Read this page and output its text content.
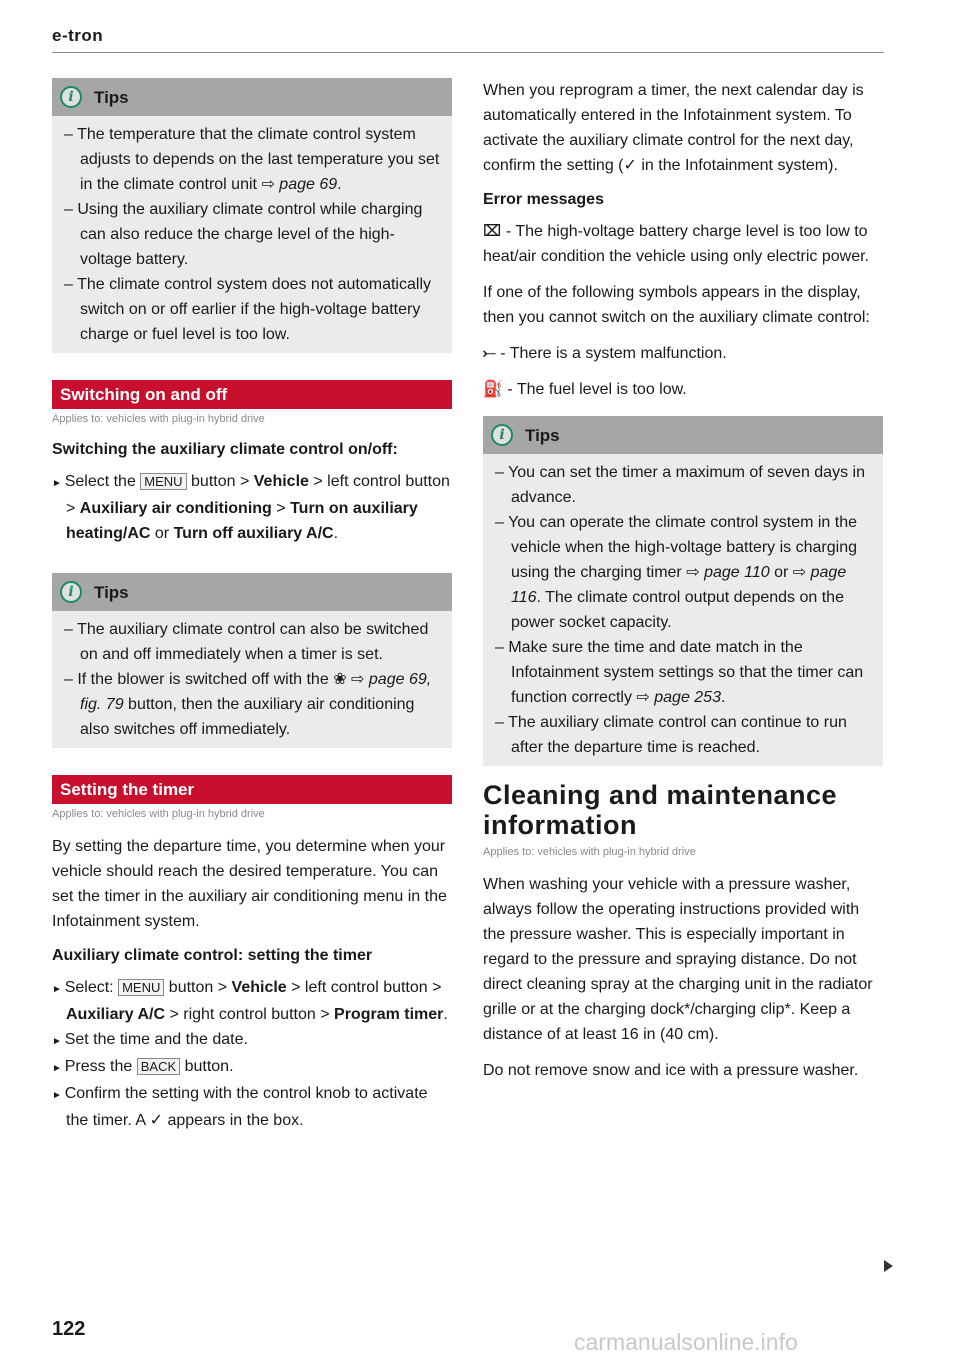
e-tron
i	Tips
– The temperature that the climate control system adjusts to depends on the last temperature you set in the climate control unit ⇨ page 69.
– Using the auxiliary climate control while charging can also reduce the charge level of the high-voltage battery.
– The climate control system does not automatically switch on or off earlier if the high-voltage battery charge or fuel level is too low.
Switching on and off
Applies to: vehicles with plug-in hybrid drive
Switching the auxiliary climate control on/off:

► Select the MENU button > Vehicle > left control button > Auxiliary air conditioning > Turn on auxiliary heating/AC or Turn off auxiliary A/C.

i	Tips
– The auxiliary climate control can also be switched on and off immediately when a timer is set.
– If the blower is switched off with the ❀ ⇨ page 69, fig. 79 button, then the auxiliary air conditioning also switches off immediately.
Setting the timer
Applies to: vehicles with plug-in hybrid drive

By setting the departure time, you determine when your vehicle should reach the desired temperature. You can set the timer in the auxiliary air conditioning menu in the Infotainment system.

Auxiliary climate control: setting the timer

► Select: MENU button > Vehicle > left control button > Auxiliary A/C > right control button > Program timer.

► Set the time and the date.

► Press the BACK button.

► Confirm the setting with the control knob to activate the timer. A ✓ appears in the box.

When you reprogram a timer, the next calendar day is automatically entered in the Infotainment system. To activate the auxiliary climate control for the next day, confirm the setting (✓ in the Infotainment system).

Error messages

⌧ - The high-voltage battery charge level is too low to heat/air condition the vehicle using only electric power.

If one of the following symbols appears in the display, then you cannot switch on the auxiliary climate control:

⤚ - There is a system malfunction.

⛽ - The fuel level is too low.

i	Tips
– You can set the timer a maximum of seven days in advance.
– You can operate the climate control system in the vehicle when the high-voltage battery is charging using the charging timer ⇨ page 110 or ⇨ page 116. The climate control output depends on the power socket capacity.
– Make sure the time and date match in the Infotainment system settings so that the timer can function correctly ⇨ page 253.
– The auxiliary climate control can continue to run after the departure time is reached.
Cleaning and maintenance information
Applies to: vehicles with plug-in hybrid drive

When washing your vehicle with a pressure washer, always follow the operating instructions provided with the pressure washer. This is especially important in regard to the pressure and spraying distance. Do not direct cleaning spray at the charging unit in the radiator grille or at the charging dock*/charging clip*. Keep a distance of at least 16 in (40 cm).

Do not remove snow and ice with a pressure washer.

122	carmanualsonline.info
